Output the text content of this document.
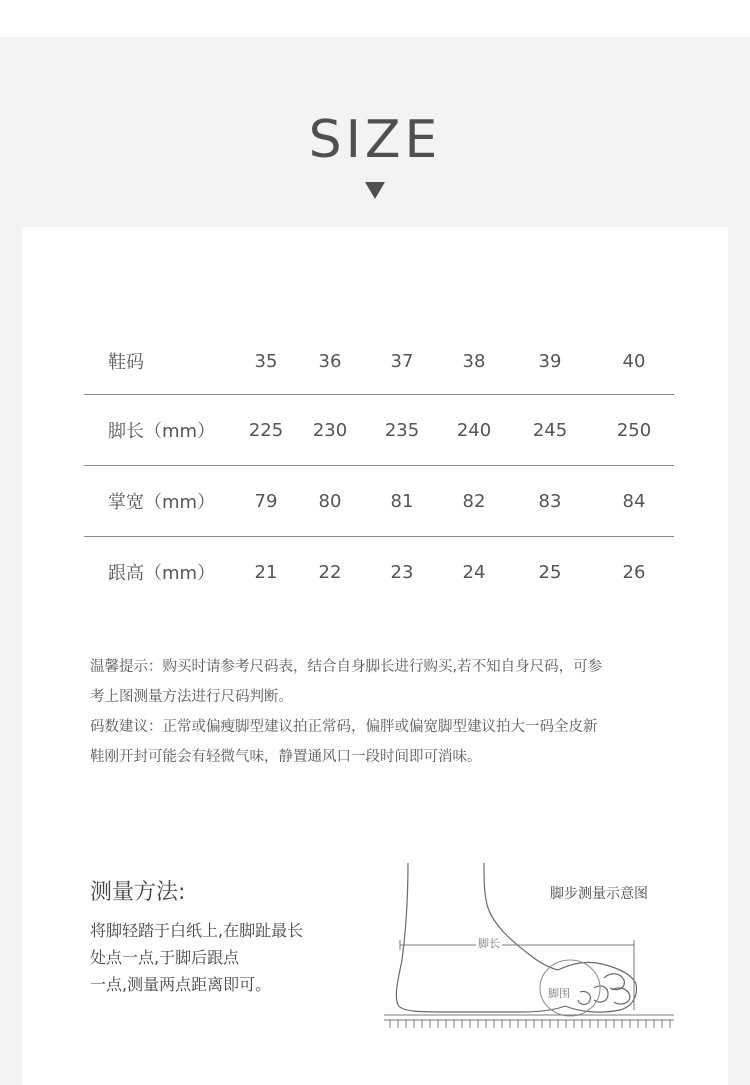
SIZE
鞋码	35	36	37	38	39	40
脚长（mm）	225	230	235	240	245	250
掌宽（mm）	79	80	81	82	83	84
跟高（mm）	21	22	23	24	25	26

温馨提示：购买时请参考尺码表，结合自身脚长进行购买,若不知自身尺码，可参

考上图测量方法进行尺码判断。

码数建议：正常或偏瘦脚型建议拍正常码，偏胖或偏宽脚型建议拍大一码全皮新

鞋刚开封可能会有轻微气味，静置通风口一段时间即可消味。

测量方法:

将脚轻踏于白纸上,在脚趾最长

处点一点,于脚后跟点

一点,测量两点距离即可。

脚步测量示意图
脚长
脚围
